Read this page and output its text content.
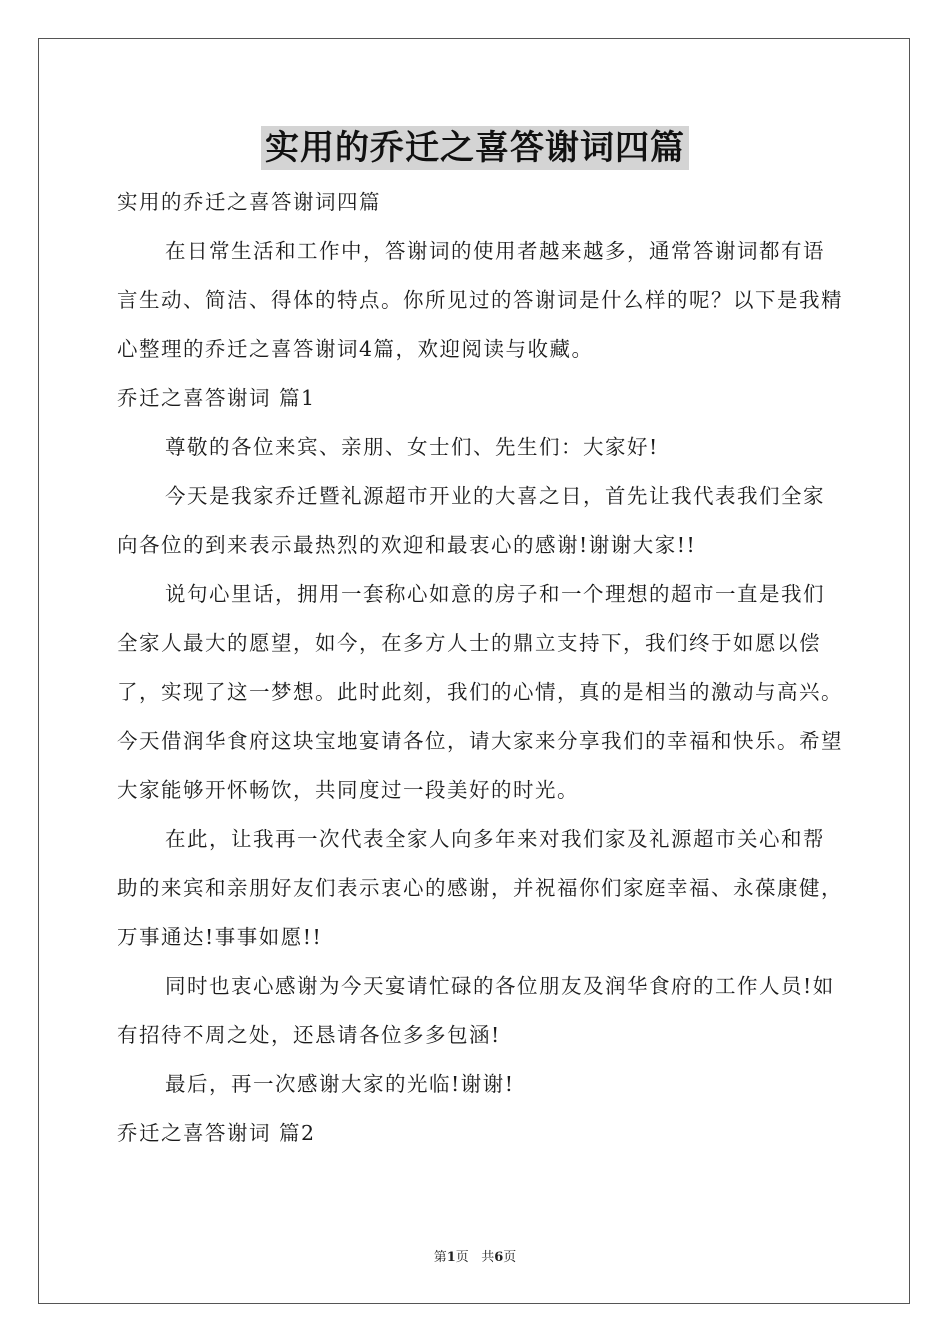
实用的乔迁之喜答谢词四篇

实用的乔迁之喜答谢词四篇

在日常生活和工作中，答谢词的使用者越来越多，通常答谢词都有语言生动、简洁、得体的特点。你所见过的答谢词是什么样的呢？以下是我精心整理的乔迁之喜答谢词4篇，欢迎阅读与收藏。

乔迁之喜答谢词 篇1

尊敬的各位来宾、亲朋、女士们、先生们：大家好!

今天是我家乔迁暨礼源超市开业的大喜之日，首先让我代表我们全家向各位的到来表示最热烈的欢迎和最衷心的感谢!谢谢大家!!

说句心里话，拥用一套称心如意的房子和一个理想的超市一直是我们全家人最大的愿望，如今，在多方人士的鼎立支持下，我们终于如愿以偿了，实现了这一梦想。此时此刻，我们的心情，真的是相当的激动与高兴。今天借润华食府这块宝地宴请各位，请大家来分享我们的幸福和快乐。希望大家能够开怀畅饮，共同度过一段美好的时光。

在此，让我再一次代表全家人向多年来对我们家及礼源超市关心和帮助的来宾和亲朋好友们表示衷心的感谢，并祝福你们家庭幸福、永葆康健，万事通达!事事如愿!!

同时也衷心感谢为今天宴请忙碌的各位朋友及润华食府的工作人员!如有招待不周之处，还恳请各位多多包涵!

最后，再一次感谢大家的光临!谢谢!

乔迁之喜答谢词 篇2

第1页 共6页
